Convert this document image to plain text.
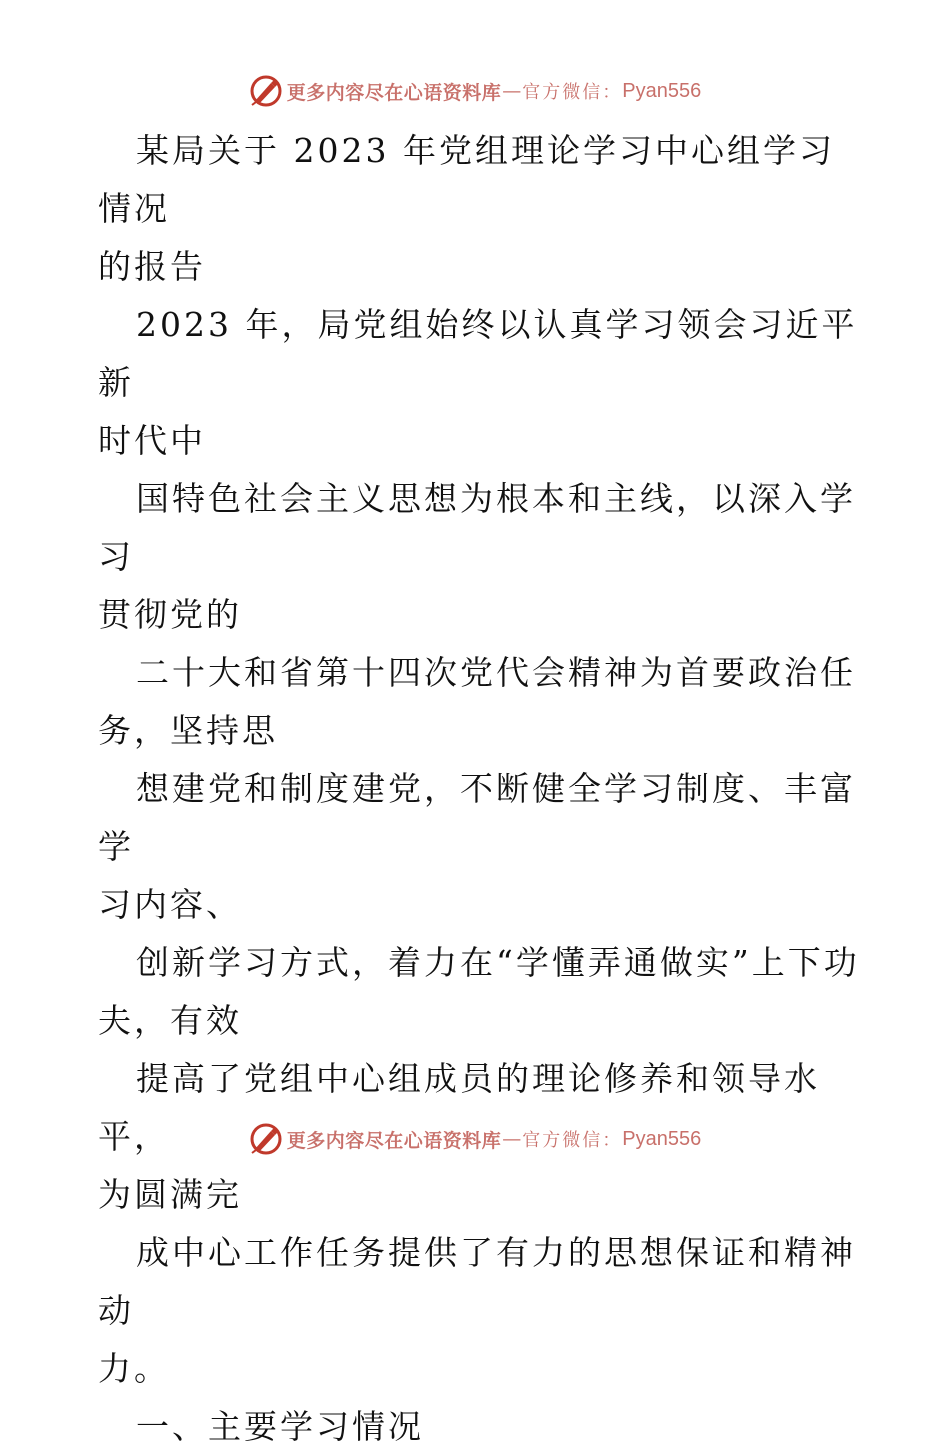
更多内容尽在心语资料库 — 官方微信： Pyan556

某局关于 2023 年党组理论学习中心组学习情况
的报告

2023 年，局党组始终以认真学习领会习近平新
时代中

国特色社会主义思想为根本和主线，以深入学习
贯彻党的

二十大和省第十四次党代会精神为首要政治任
务，坚持思

想建党和制度建党，不断健全学习制度、丰富学
习内容、

创新学习方式，着力在“学懂弄通做实”上下功
夫，有效

提高了党组中心组成员的理论修养和领导水平，
为圆满完

成中心工作任务提供了有力的思想保证和精神动
力。

一、主要学习情况

更多内容尽在心语资料库 — 官方微信： Pyan556
